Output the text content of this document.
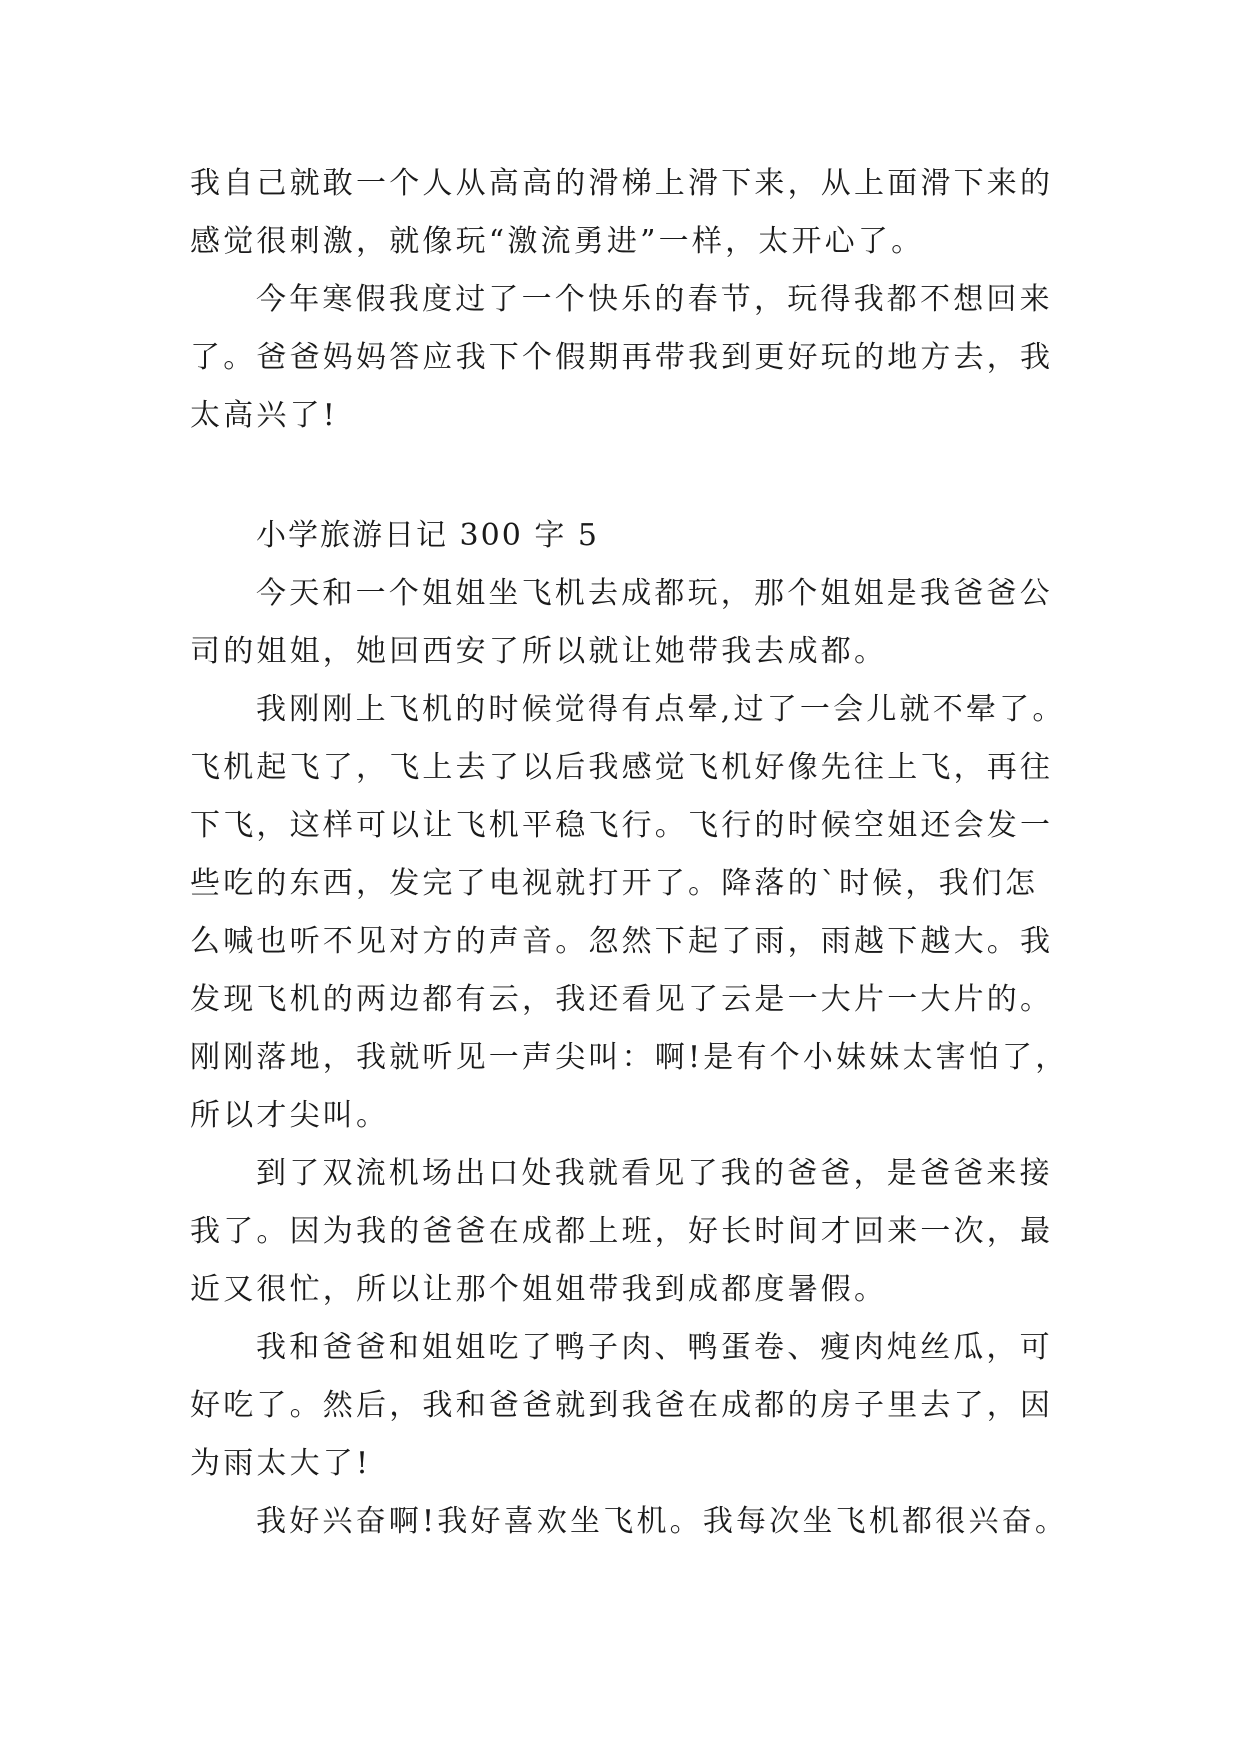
我自己就敢一个人从高高的滑梯上滑下来，从上面滑下来的
感觉很刺激，就像玩“激流勇进”一样，太开心了。
今年寒假我度过了一个快乐的春节，玩得我都不想回来
了。爸爸妈妈答应我下个假期再带我到更好玩的地方去，我
太高兴了!
小学旅游日记 300 字 5
今天和一个姐姐坐飞机去成都玩，那个姐姐是我爸爸公
司的姐姐，她回西安了所以就让她带我去成都。
我刚刚上飞机的时候觉得有点晕,过了一会儿就不晕了。
飞机起飞了，飞上去了以后我感觉飞机好像先往上飞，再往
下飞，这样可以让飞机平稳飞行。飞行的时候空姐还会发一
些吃的东西，发完了电视就打开了。降落的`时候，我们怎
么喊也听不见对方的声音。忽然下起了雨，雨越下越大。我
发现飞机的两边都有云，我还看见了云是一大片一大片的。
刚刚落地，我就听见一声尖叫：啊!是有个小妹妹太害怕了，
所以才尖叫。
到了双流机场出口处我就看见了我的爸爸，是爸爸来接
我了。因为我的爸爸在成都上班，好长时间才回来一次，最
近又很忙，所以让那个姐姐带我到成都度暑假。
我和爸爸和姐姐吃了鸭子肉、鸭蛋卷、瘦肉炖丝瓜，可
好吃了。然后，我和爸爸就到我爸在成都的房子里去了，因
为雨太大了!
我好兴奋啊!我好喜欢坐飞机。我每次坐飞机都很兴奋。
